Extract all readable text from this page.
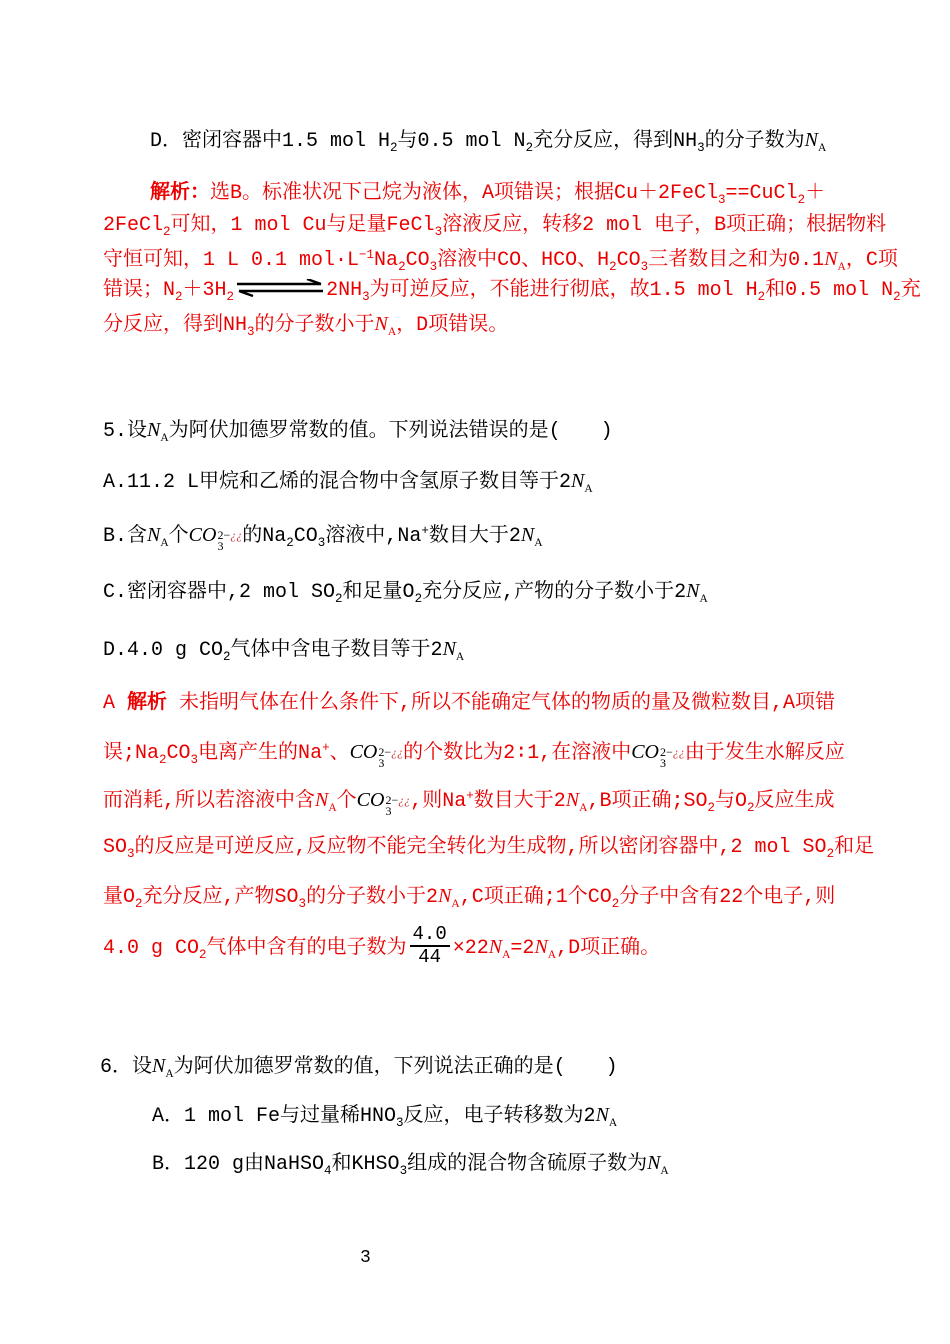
D．密闭容器中1.5 mol $H_2$与0.5 mol $N_2$充分反应，得到$NH_3$的分子数为$N_A$
解析：选B。标准状况下己烷为液体，A项错误；根据Cu＋2FeCl$_3$==CuCl$_2$＋
2FeCl$_2$可知，1 mol Cu与足量FeCl$_3$溶液反应，转移2 mol 电子，B项正确；根据物料
守恒可知，1 L 0.1 $mol\cdot L^{-1}Na_2CO_3$溶液中CO、HCO、$H_2CO_3$三者数目之和为$0.1N_A$，C项
错误；$N_2+3H_2$	$2NH_3$为可逆反应，不能进行彻底，故1.5 mol $H_2$和0.5 mol $N_2$充
分反应，得到$NH_3$的分子数小于$N_A$，D项错误。
5.设$N_A$为阿伏加德罗常数的值。下列说法错误的是(　　)
A.11.2 L甲烷和乙烯的混合物中含氢原子数目等于$2N_A$
B.含$N_A$个CO 2−¿¿
3 的$Na_2CO_3$溶液中,Na+数目大于$2N_A$
C.密闭容器中,2 mol $SO_2$和足量$O_2$充分反应,产物的分子数小于$2N_A$
D.4.0 g $CO_2$气体中含电子数目等于$2N_A$
A 解析 未指明气体在什么条件下,所以不能确定气体的物质的量及微粒数目,A项错
误$;Na_2CO_3$电离产生的Na+、CO 2−¿¿
3 的个数比为2∶1,在溶液中CO 2−¿¿
3 由于发生水解反应
而消耗,所以若溶液中含$N_A$个CO 2−¿¿
3 ,则Na+数目大于$2N_A,B$项正确$;SO_2$与$O_2$反应生成
$SO_3$的反应是可逆反应,反应物不能完全转化为生成物,所以密闭容器中,2 mol $SO_2$和足
量$O_2$充分反应,产物$SO_3$的分子数小于$2N_A,C$项正确;1个$CO_2$分子中含有22个电子,则
4.0 g $CO_2$气体中含有的电子数为 $\frac{4.0}{44} \times 22N_A=2N_A,D$项正确。
6．设$N_A$为阿伏加德罗常数的值，下列说法正确的是(　　)
A．1 mol Fe与过量稀$HNO_3$反应，电子转移数为$2N_A$
B．120 g由NaHSO$_4$和$KHSO_3$组成的混合物含硫原子数为$N_A$
3
